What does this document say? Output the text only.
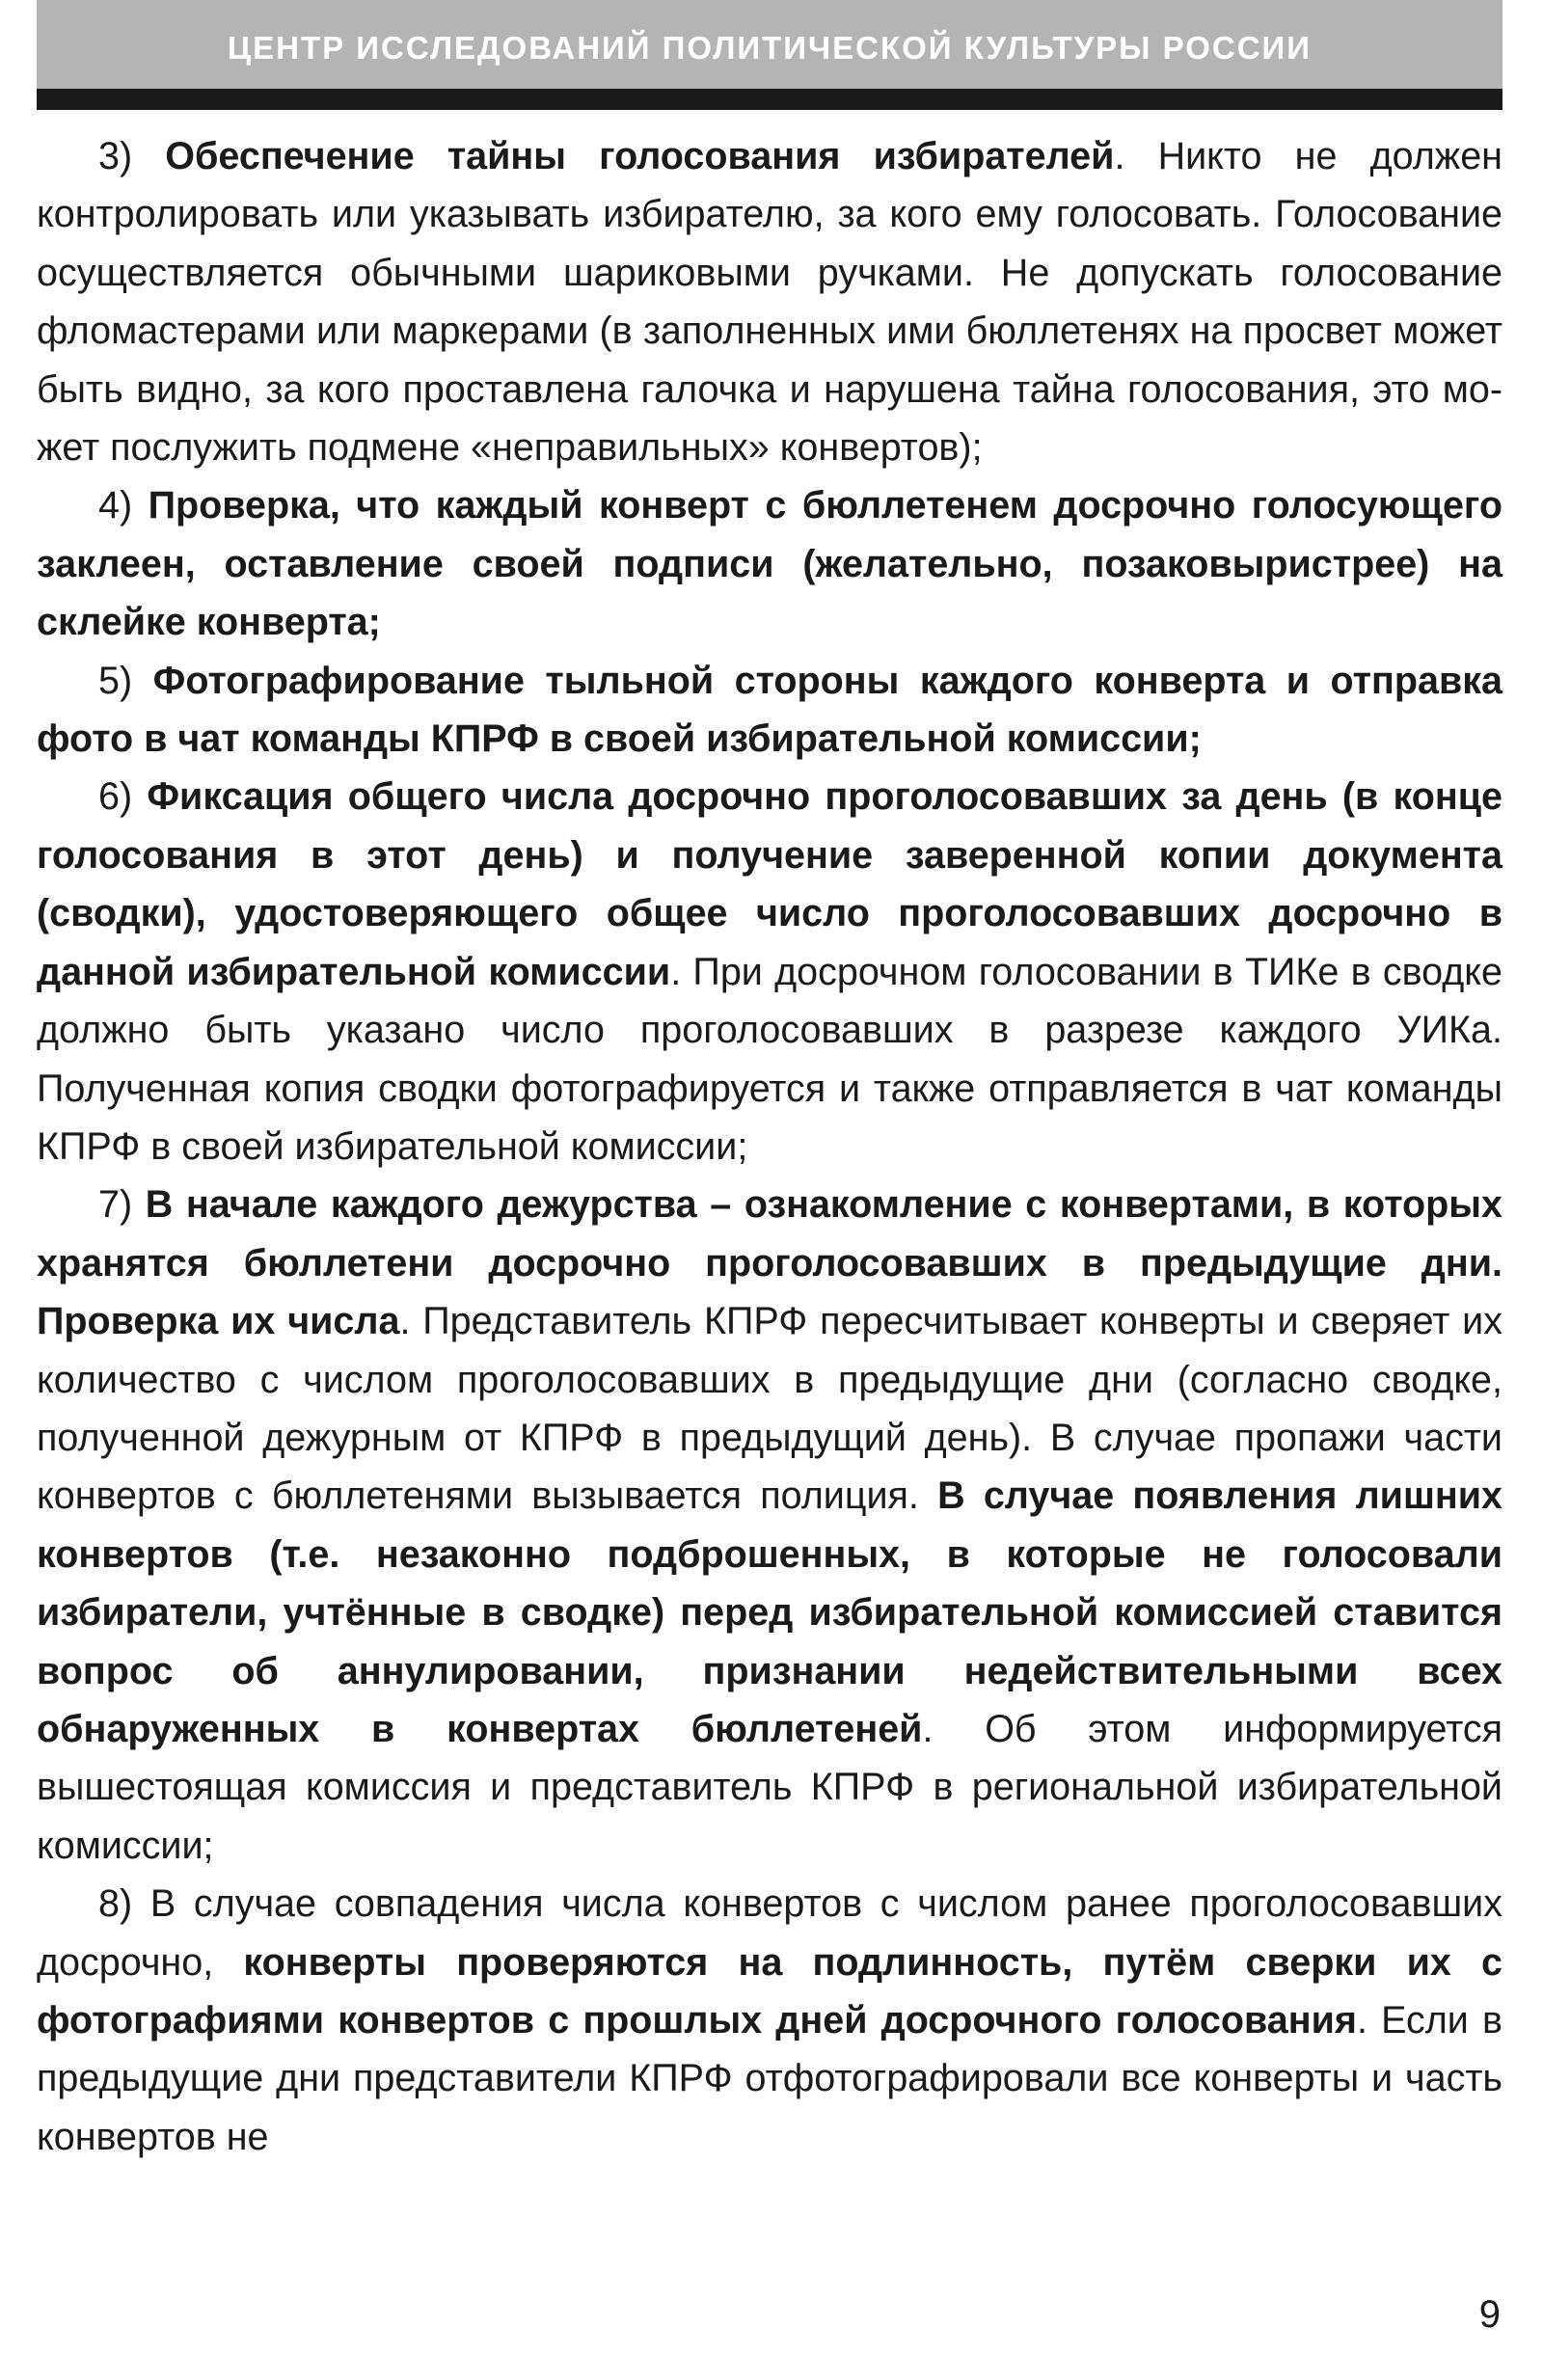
ЦЕНТР ИССЛЕДОВАНИЙ ПОЛИТИЧЕСКОЙ КУЛЬТУРЫ РОССИИ

3) Обеспечение тайны голосования избирателей. Никто не должен контролировать или указывать избирателю, за кого ему голосовать. Голосование осуществляется обычными шариковыми ручками. Не допускать голосование фломастерами или маркерами (в заполненных ими бюллетенях на просвет может быть видно, за кого проставлена галочка и нарушена тайна голосования, это может послужить подмене «неправильных» конвертов);

4) Проверка, что каждый конверт с бюллетенем досрочно голосующего заклеен, оставление своей подписи (желательно, позаковыристрее) на склейке конверта;

5) Фотографирование тыльной стороны каждого конверта и отправка фото в чат команды КПРФ в своей избирательной комиссии;

6) Фиксация общего числа досрочно проголосовавших за день (в конце голосования в этот день) и получение заверенной копии документа (сводки), удостоверяющего общее число проголосовавших досрочно в данной избирательной комиссии. При досрочном голосовании в ТИКе в сводке должно быть указано число проголосовавших в разрезе каждого УИКа. Полученная копия сводки фотографируется и также отправляется в чат команды КПРФ в своей избирательной комиссии;

7) В начале каждого дежурства – ознакомление с конвертами, в которых хранятся бюллетени досрочно проголосовавших в предыдущие дни. Проверка их числа. Представитель КПРФ пересчитывает конверты и сверяет их количество с числом проголосовавших в предыдущие дни (согласно сводке, полученной дежурным от КПРФ в предыдущий день). В случае пропажи части конвертов с бюллетенями вызывается полиция. В случае появления лишних конвертов (т.е. незаконно подброшенных, в которые не голосовали избиратели, учтённые в сводке) перед избирательной комиссией ставится вопрос об аннулировании, признании недействительными всех обнаруженных в конвертах бюллетеней. Об этом информируется вышестоящая комиссия и представитель КПРФ в региональной избирательной комиссии;

8) В случае совпадения числа конвертов с числом ранее проголосовавших досрочно, конверты проверяются на подлинность, путём сверки их с фотографиями конвертов с прошлых дней досрочного голосования. Если в предыдущие дни представители КПРФ отфотографировали все конверты и часть конвертов не

9
